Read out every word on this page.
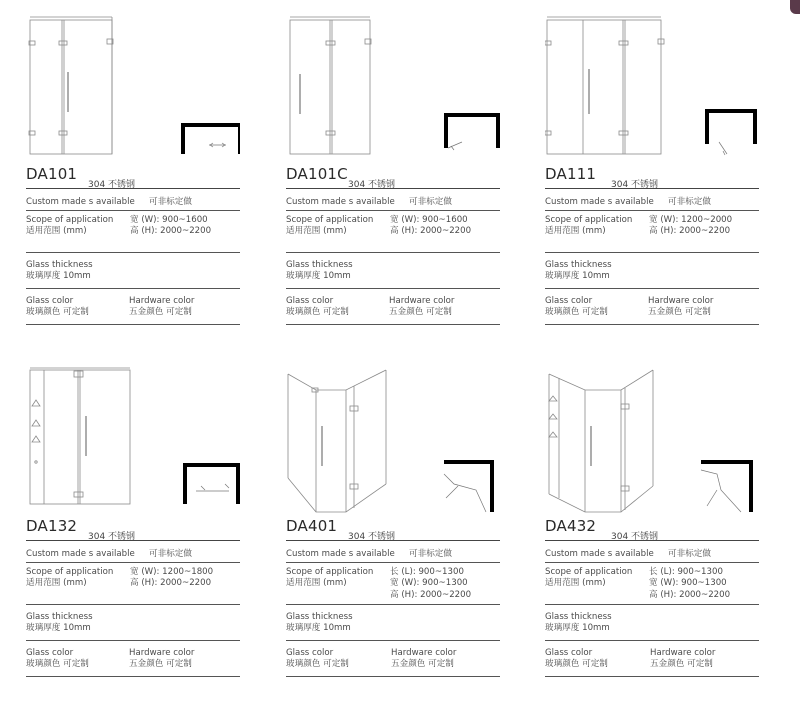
DA101
304 不锈钢
Custom made s available 可非标定做
Scope of application
适用范围 (mm)
宽 (W): 900~1600
高 (H): 2000~2200
Glass thickness
玻璃厚度 10mm
Glass color
玻璃颜色 可定制
Hardware color
五金颜色 可定制
DA101C
304 不锈钢
Custom made s available 可非标定做
Scope of application
适用范围 (mm)
宽 (W): 900~1600
高 (H): 2000~2200
Glass thickness
玻璃厚度 10mm
Glass color
玻璃颜色 可定制
Hardware color
五金颜色 可定制
DA111
304 不锈钢
Custom made s available 可非标定做
Scope of application
适用范围 (mm)
宽 (W): 1200~2000
高 (H): 2000~2200
Glass thickness
玻璃厚度 10mm
Glass color
玻璃颜色 可定制
Hardware color
五金颜色 可定制
DA132
304 不锈钢
Custom made s available 可非标定做
Scope of application
适用范围 (mm)
宽 (W): 1200~1800
高 (H): 2000~2200
Glass thickness
玻璃厚度 10mm
Glass color
玻璃颜色 可定制
Hardware color
五金颜色 可定制
DA401
304 不锈钢
Custom made s available 可非标定做
Scope of application
适用范围 (mm)
长 (L): 900~1300
宽 (W): 900~1300
高 (H): 2000~2200
Glass thickness
玻璃厚度 10mm
Glass color
玻璃颜色 可定制
Hardware color
五金颜色 可定制
DA432
304 不锈钢
Custom made s available 可非标定做
Scope of application
适用范围 (mm)
长 (L): 900~1300
宽 (W): 900~1300
高 (H): 2000~2200
Glass thickness
玻璃厚度 10mm
Glass color
玻璃颜色 可定制
Hardware color
五金颜色 可定制
